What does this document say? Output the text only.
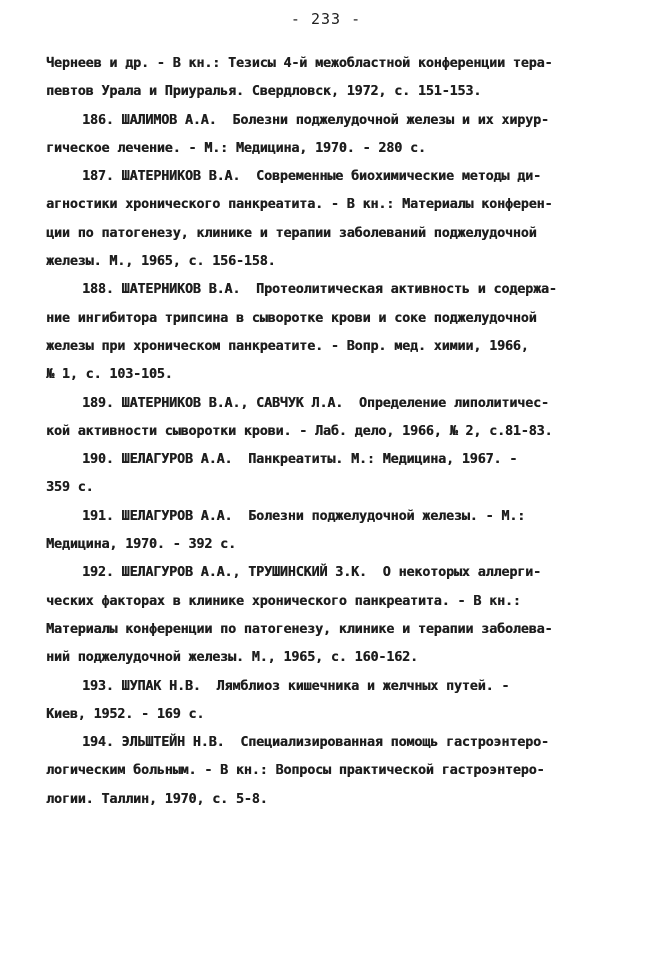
- 233 -
Чернеев и др. - В кн.: Тезисы 4-й межобластной конференции тера-
певтов Урала и Приуралья. Свердловск, 1972, с. 151-153.
186. ШАЛИМОВ А.А.  Болезни поджелудочной железы и их хирур-
гическое лечение. - М.: Медицина, 1970. - 280 с.
187. ШАТЕРНИКОВ В.А.  Современные биохимические методы ди-
агностики хронического панкреатита. - В кн.: Материалы конферен-
ции по патогенезу, клинике и терапии заболеваний поджелудочной
железы. М., 1965, с. 156-158.
188. ШАТЕРНИКОВ В.А.  Протеолитическая активность и содержа-
ние ингибитора трипсина в сыворотке крови и соке поджелудочной
железы при хроническом панкреатите. - Вопр. мед. химии, 1966,
№ 1, с. 103-105.
189. ШАТЕРНИКОВ В.А., САВЧУК Л.А.  Определение липолитичес-
кой активности сыворотки крови. - Лаб. дело, 1966, № 2, с.81-83.
190. ШЕЛАГУРОВ А.А.  Панкреатиты. М.: Медицина, 1967. -
359 с.
191. ШЕЛАГУРОВ А.А.  Болезни поджелудочной железы. - М.:
Медицина, 1970. - 392 с.
192. ШЕЛАГУРОВ А.А., ТРУШИНСКИЙ З.К.  О некоторых аллерги-
ческих факторах в клинике хронического панкреатита. - В кн.:
Материалы конференции по патогенезу, клинике и терапии заболева-
ний поджелудочной железы. М., 1965, с. 160-162.
193. ШУПАК Н.В.  Лямблиоз кишечника и желчных путей. -
Киев, 1952. - 169 с.
194. ЭЛЬШТЕЙН Н.В.  Специализированная помощь гастроэнтеро-
логическим больным. - В кн.: Вопросы практической гастроэнтеро-
логии. Таллин, 1970, с. 5-8.
